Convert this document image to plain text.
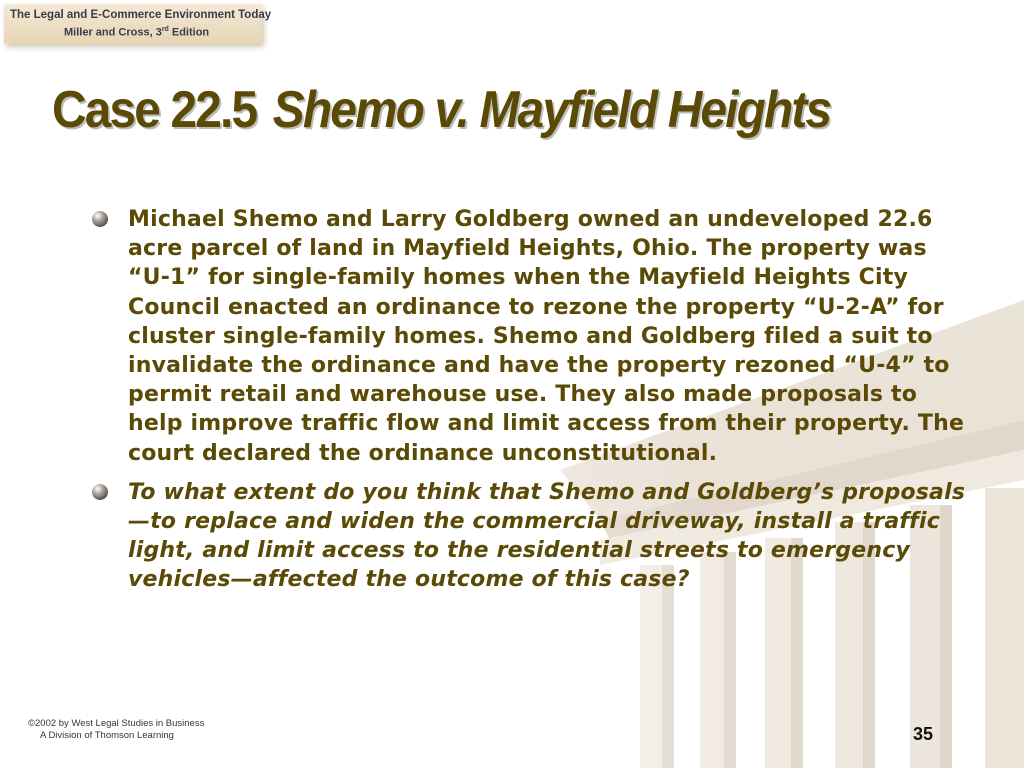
The Legal and E-Commerce Environment Today
Miller and Cross, 3rd Edition
Case 22.5 Shemo v. Mayfield Heights
Michael Shemo and Larry Goldberg owned an undeveloped 22.6 acre parcel of land in Mayfield Heights, Ohio. The property was “U-1” for single-family homes when the Mayfield Heights City Council enacted an ordinance to rezone the property “U-2-A” for cluster single-family homes. Shemo and Goldberg filed a suit to invalidate the ordinance and have the property rezoned “U-4” to permit retail and warehouse use. They also made proposals to help improve traffic flow and limit access from their property. The court declared the ordinance unconstitutional.
To what extent do you think that Shemo and Goldberg’s proposals—to replace and widen the commercial driveway, install a traffic light, and limit access to the residential streets to emergency vehicles—affected the outcome of this case?
©2002 by West Legal Studies in Business
A Division of Thomson Learning	35
